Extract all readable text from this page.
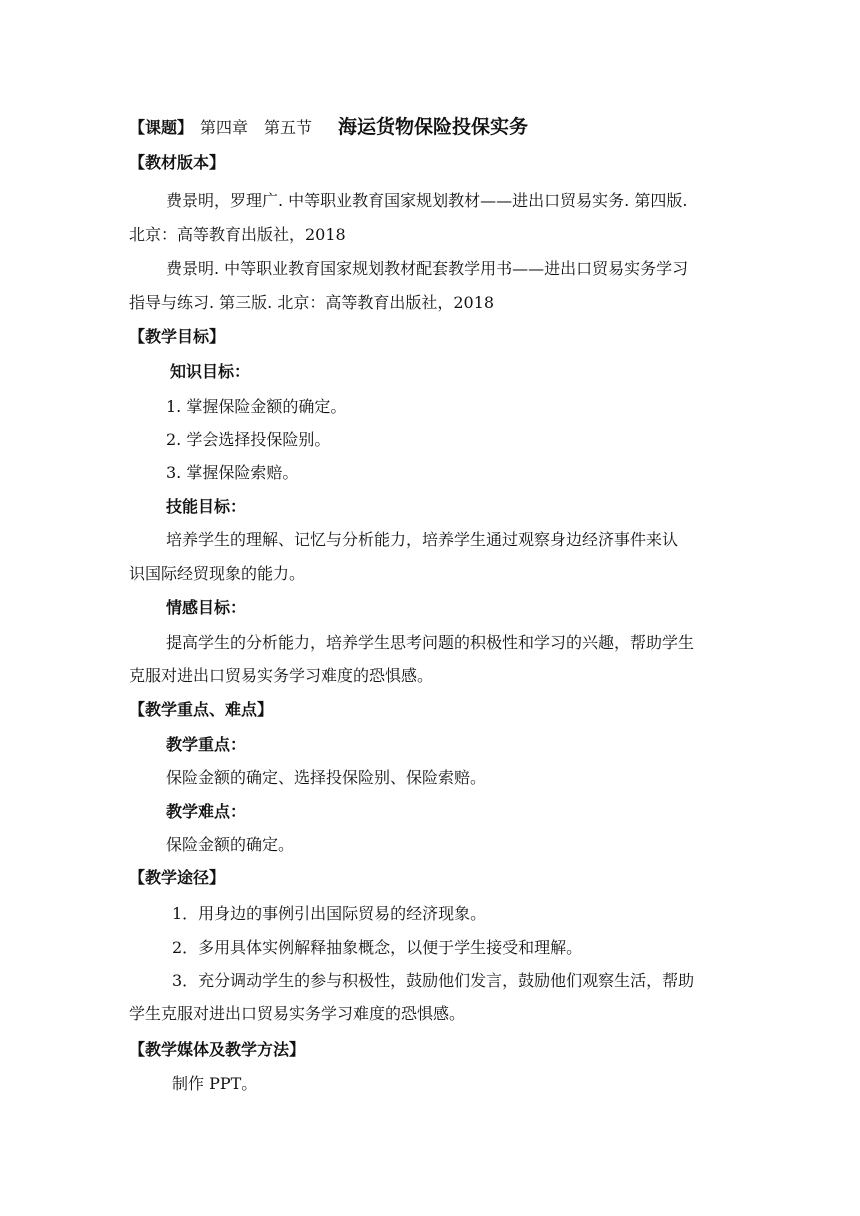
【课题】 第四章　第五节 海运货物保险投保实务
【教材版本】
费景明，罗理广. 中等职业教育国家规划教材——进出口贸易实务. 第四版.
北京：高等教育出版社，2018
费景明. 中等职业教育国家规划教材配套教学用书——进出口贸易实务学习
指导与练习. 第三版. 北京：高等教育出版社，2018
【教学目标】
知识目标：
1. 掌握保险金额的确定。
2. 学会选择投保险别。
3. 掌握保险索赔。
技能目标：
培养学生的理解、记忆与分析能力，培养学生通过观察身边经济事件来认
识国际经贸现象的能力。
情感目标：
提高学生的分析能力，培养学生思考问题的积极性和学习的兴趣，帮助学生
克服对进出口贸易实务学习难度的恐惧感。
【教学重点、难点】
教学重点：
保险金额的确定、选择投保险别、保险索赔。
教学难点：
保险金额的确定。
【教学途径】
1．用身边的事例引出国际贸易的经济现象。
2．多用具体实例解释抽象概念，以便于学生接受和理解。
3．充分调动学生的参与积极性，鼓励他们发言，鼓励他们观察生活，帮助
学生克服对进出口贸易实务学习难度的恐惧感。
【教学媒体及教学方法】
制作 PPT。
